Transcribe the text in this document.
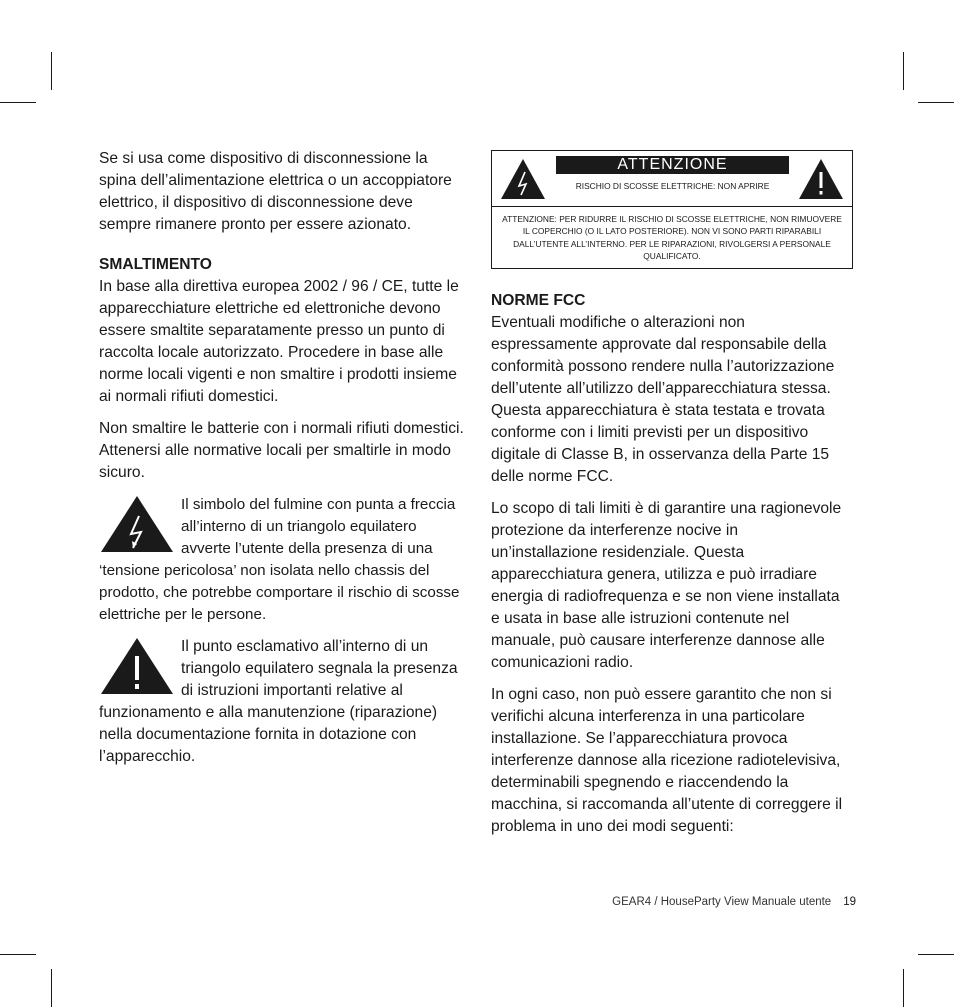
Se si usa come dispositivo di disconnessione la spina dell’alimentazione elettrica o un accoppiatore elettrico, il dispositivo di disconnessione deve sempre rimanere pronto per essere azionato.

SMALTIMENTO

In base alla direttiva europea 2002 / 96 / CE, tutte le apparecchiature elettriche ed elettroniche devono essere smaltite separatamente presso un punto di raccolta locale autorizzato. Procedere in base alle norme locali vigenti e non smaltire i prodotti insieme ai normali rifiuti domestici.

Non smaltire le batterie con i normali rifiuti domestici. Attenersi alle normative locali per smaltirle in modo sicuro.

Il simbolo del fulmine con punta a freccia all’interno di un triangolo equilatero avverte l’utente della presenza di una ‘tensione pericolosa’ non isolata nello chassis del prodotto, che potrebbe comportare il rischio di scosse elettriche per le persone.

Il punto esclamativo all’interno di un triangolo equilatero segnala la presenza di istruzioni importanti relative al funzionamento e alla manutenzione (riparazione) nella documentazione fornita in dotazione con l’apparecchio.

ATTENZIONE
RISCHIO DI SCOSSE ELETTRICHE: NON APRIRE
ATTENZIONE: PER RIDURRE IL RISCHIO DI SCOSSE ELETTRICHE, NON RIMUOVERE IL COPERCHIO (O IL LATO POSTERIORE). NON VI SONO PARTI RIPARABILI DALL’UTENTE ALL’INTERNO. PER LE RIPARAZIONI, RIVOLGERSI A PERSONALE QUALIFICATO.
NORME FCC

Eventuali modifiche o alterazioni non espressamente approvate dal responsabile della conformità possono rendere nulla l’autorizzazione dell’utente all’utilizzo dell’apparecchiatura stessa. Questa apparecchiatura è stata testata e trovata conforme con i limiti previsti per un dispositivo digitale di Classe B, in osservanza della Parte 15 delle norme FCC.

Lo scopo di tali limiti è di garantire una ragionevole protezione da interferenze nocive in un’installazione residenziale. Questa apparecchiatura genera, utilizza e può irradiare energia di radiofrequenza e se non viene installata e usata in base alle istruzioni contenute nel manuale, può causare interferenze dannose alle comunicazioni radio.

In ogni caso, non può essere garantito che non si verifichi alcuna interferenza in una particolare installazione. Se l’apparecchiatura provoca interferenze dannose alla ricezione radiotelevisiva, determinabili spegnendo e riaccendendo la macchina, si raccomanda all’utente di correggere il problema in uno dei modi seguenti:

GEAR4 / HouseParty View Manuale utente 19
